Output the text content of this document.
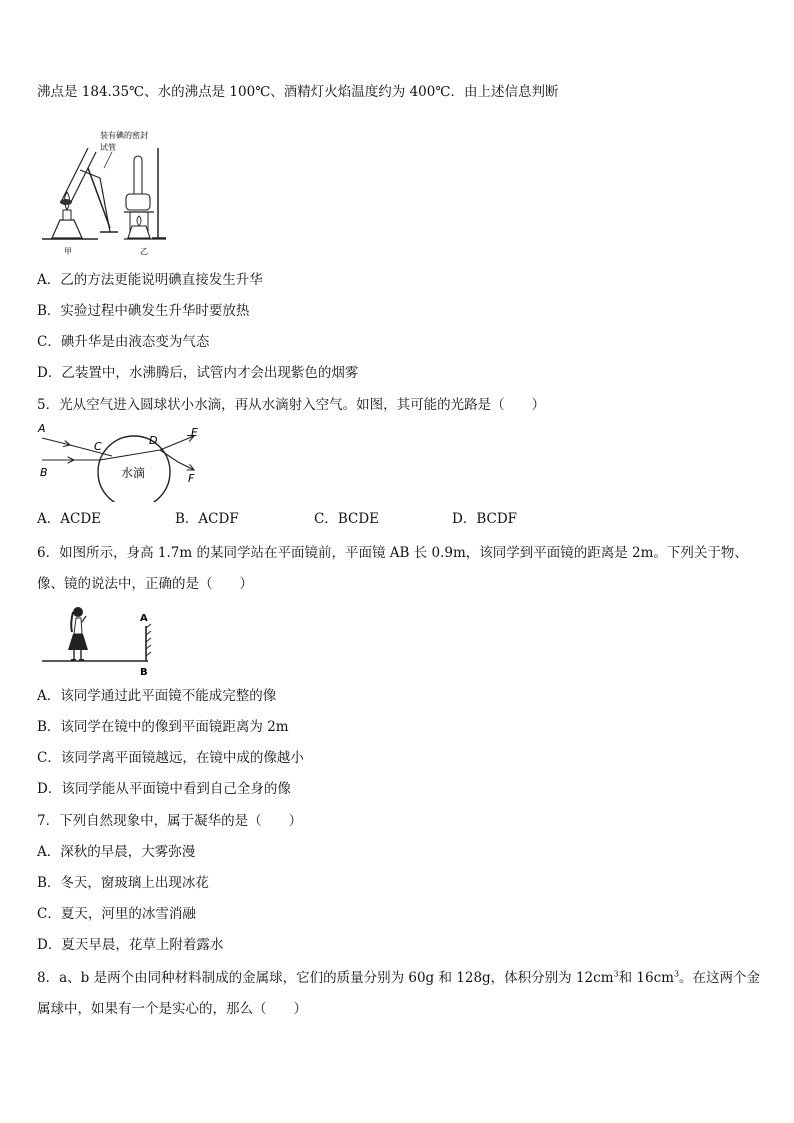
沸点是 184.35℃、水的沸点是 100℃、酒精灯火焰温度约为 400℃．由上述信息判断
装有碘的密封
试管
甲	乙
A．乙的方法更能说明碘直接发生升华
B．实验过程中碘发生升华时要放热
C．碘升华是由液态变为气态
D．乙装置中，水沸腾后，试管内才会出现紫色的烟雾
5．光从空气进入圆球状小水滴，再从水滴射入空气。如图，其可能的光路是（　　）
水滴
A
B
C	D
E
F
A．ACDE	B．ACDF	C．BCDE	D．BCDF
6．如图所示，身高 1.7m 的某同学站在平面镜前，平面镜 AB 长 0.9m，该同学到平面镜的距离是 2m。下列关于物、像、镜的说法中，正确的是（　　）
A
B
A．该同学通过此平面镜不能成完整的像
B．该同学在镜中的像到平面镜距离为 2m
C．该同学离平面镜越远，在镜中成的像越小
D．该同学能从平面镜中看到自己全身的像
7．下列自然现象中，属于凝华的是（　　）
A．深秋的早晨，大雾弥漫
B．冬天，窗玻璃上出现冰花
C．夏天，河里的冰雪消融
D．夏天早晨，花草上附着露水
8．a、b 是两个由同种材料制成的金属球，它们的质量分别为 60g 和 128g，体积分别为 $12cm^3$和 $16cm^3$。在这两个金属球中，如果有一个是实心的，那么（　　）
